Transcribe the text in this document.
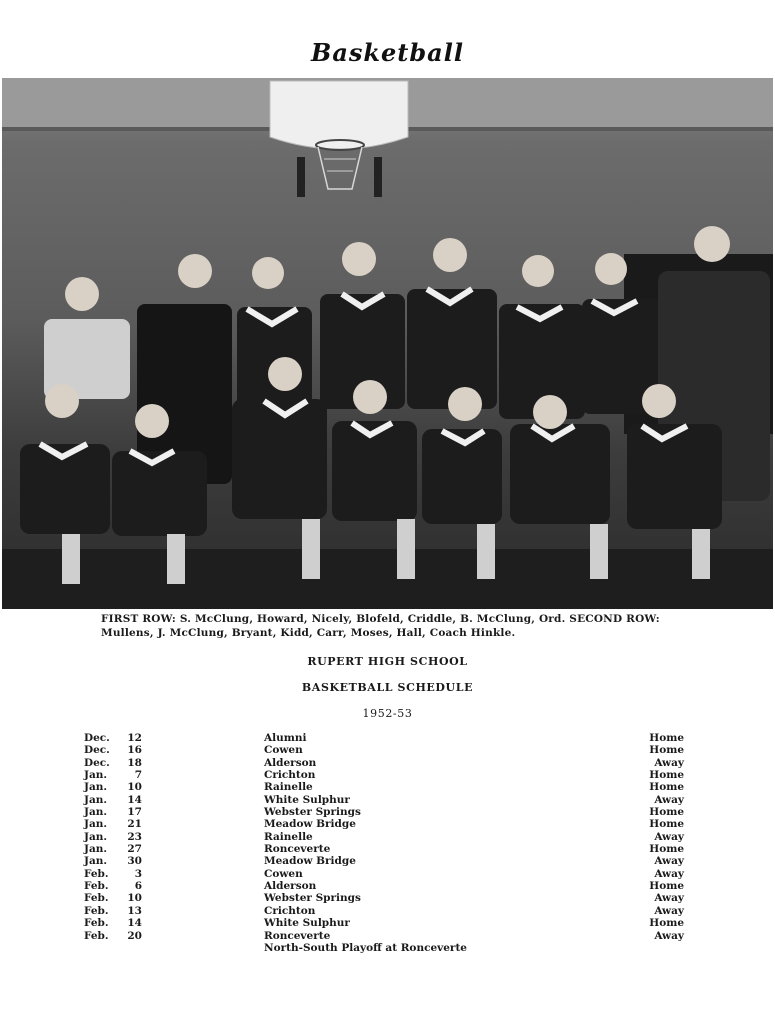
Basketball
FIRST ROW: S. McClung, Howard, Nicely, Blofeld, Criddle, B. McClung, Ord. SECOND ROW: Mullens, J. McClung, Bryant, Kidd, Carr, Moses, Hall, Coach Hinkle.
RUPERT HIGH SCHOOL
BASKETBALL SCHEDULE
1952-53
Dec.	12	Alumni	Home
Dec.	16	Cowen	Home
Dec.	18	Alderson	Away
Jan.	7	Crichton	Home
Jan.	10	Rainelle	Home
Jan.	14	White Sulphur	Away
Jan.	17	Webster Springs	Home
Jan.	21	Meadow Bridge	Home
Jan.	23	Rainelle	Away
Jan.	27	Ronceverte	Home
Jan.	30	Meadow Bridge	Away
Feb.	3	Cowen	Away
Feb.	6	Alderson	Home
Feb.	10	Webster Springs	Away
Feb.	13	Crichton	Away
Feb.	14	White Sulphur	Home
Feb.	20	Ronceverte	Away
North-South Playoff at Ronceverte
